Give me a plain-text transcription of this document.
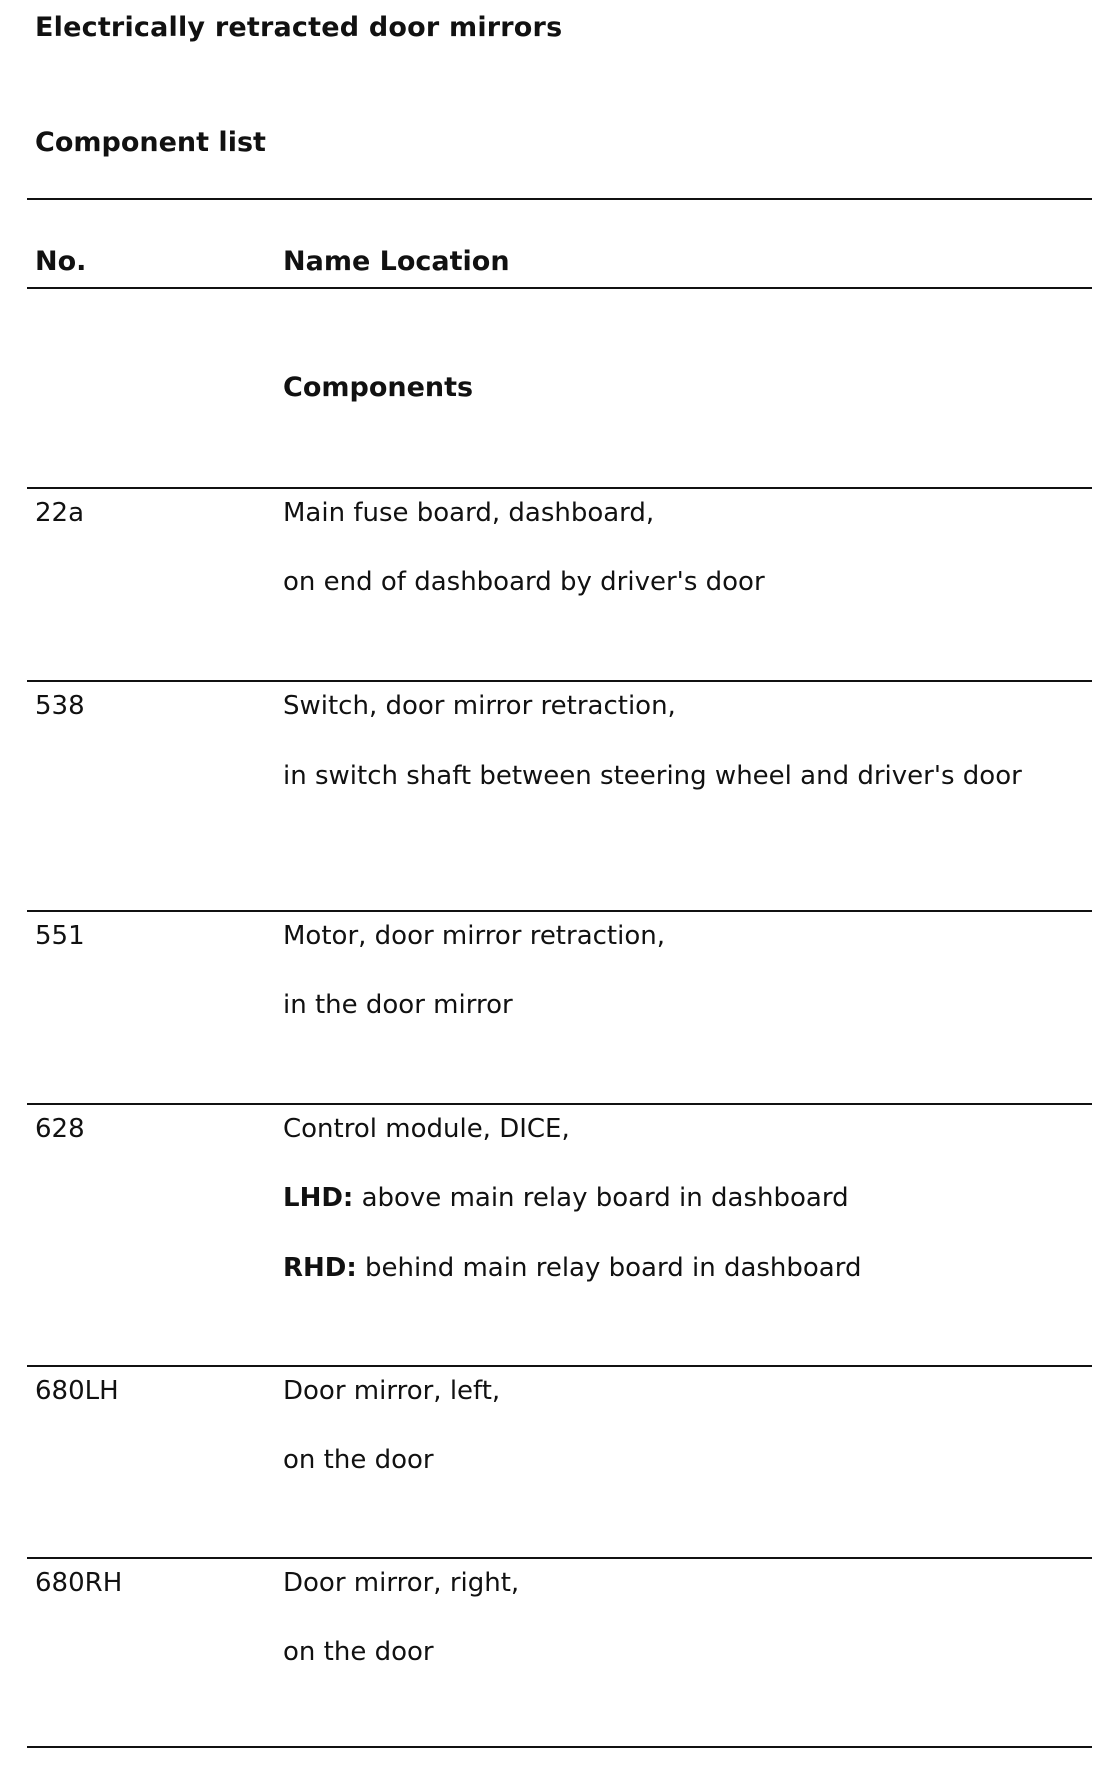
Electrically retracted door mirrors
Component list
No.	Name Location
Components
22a	Main fuse board, dashboard,
on end of dashboard by driver's door
538	Switch, door mirror retraction,
in switch shaft between steering wheel and driver's door
551	Motor, door mirror retraction,
in the door mirror
628	Control module, DICE,
LHD: above main relay board in dashboard
RHD: behind main relay board in dashboard
680LH	Door mirror, left,
on the door
680RH	Door mirror, right,
on the door
